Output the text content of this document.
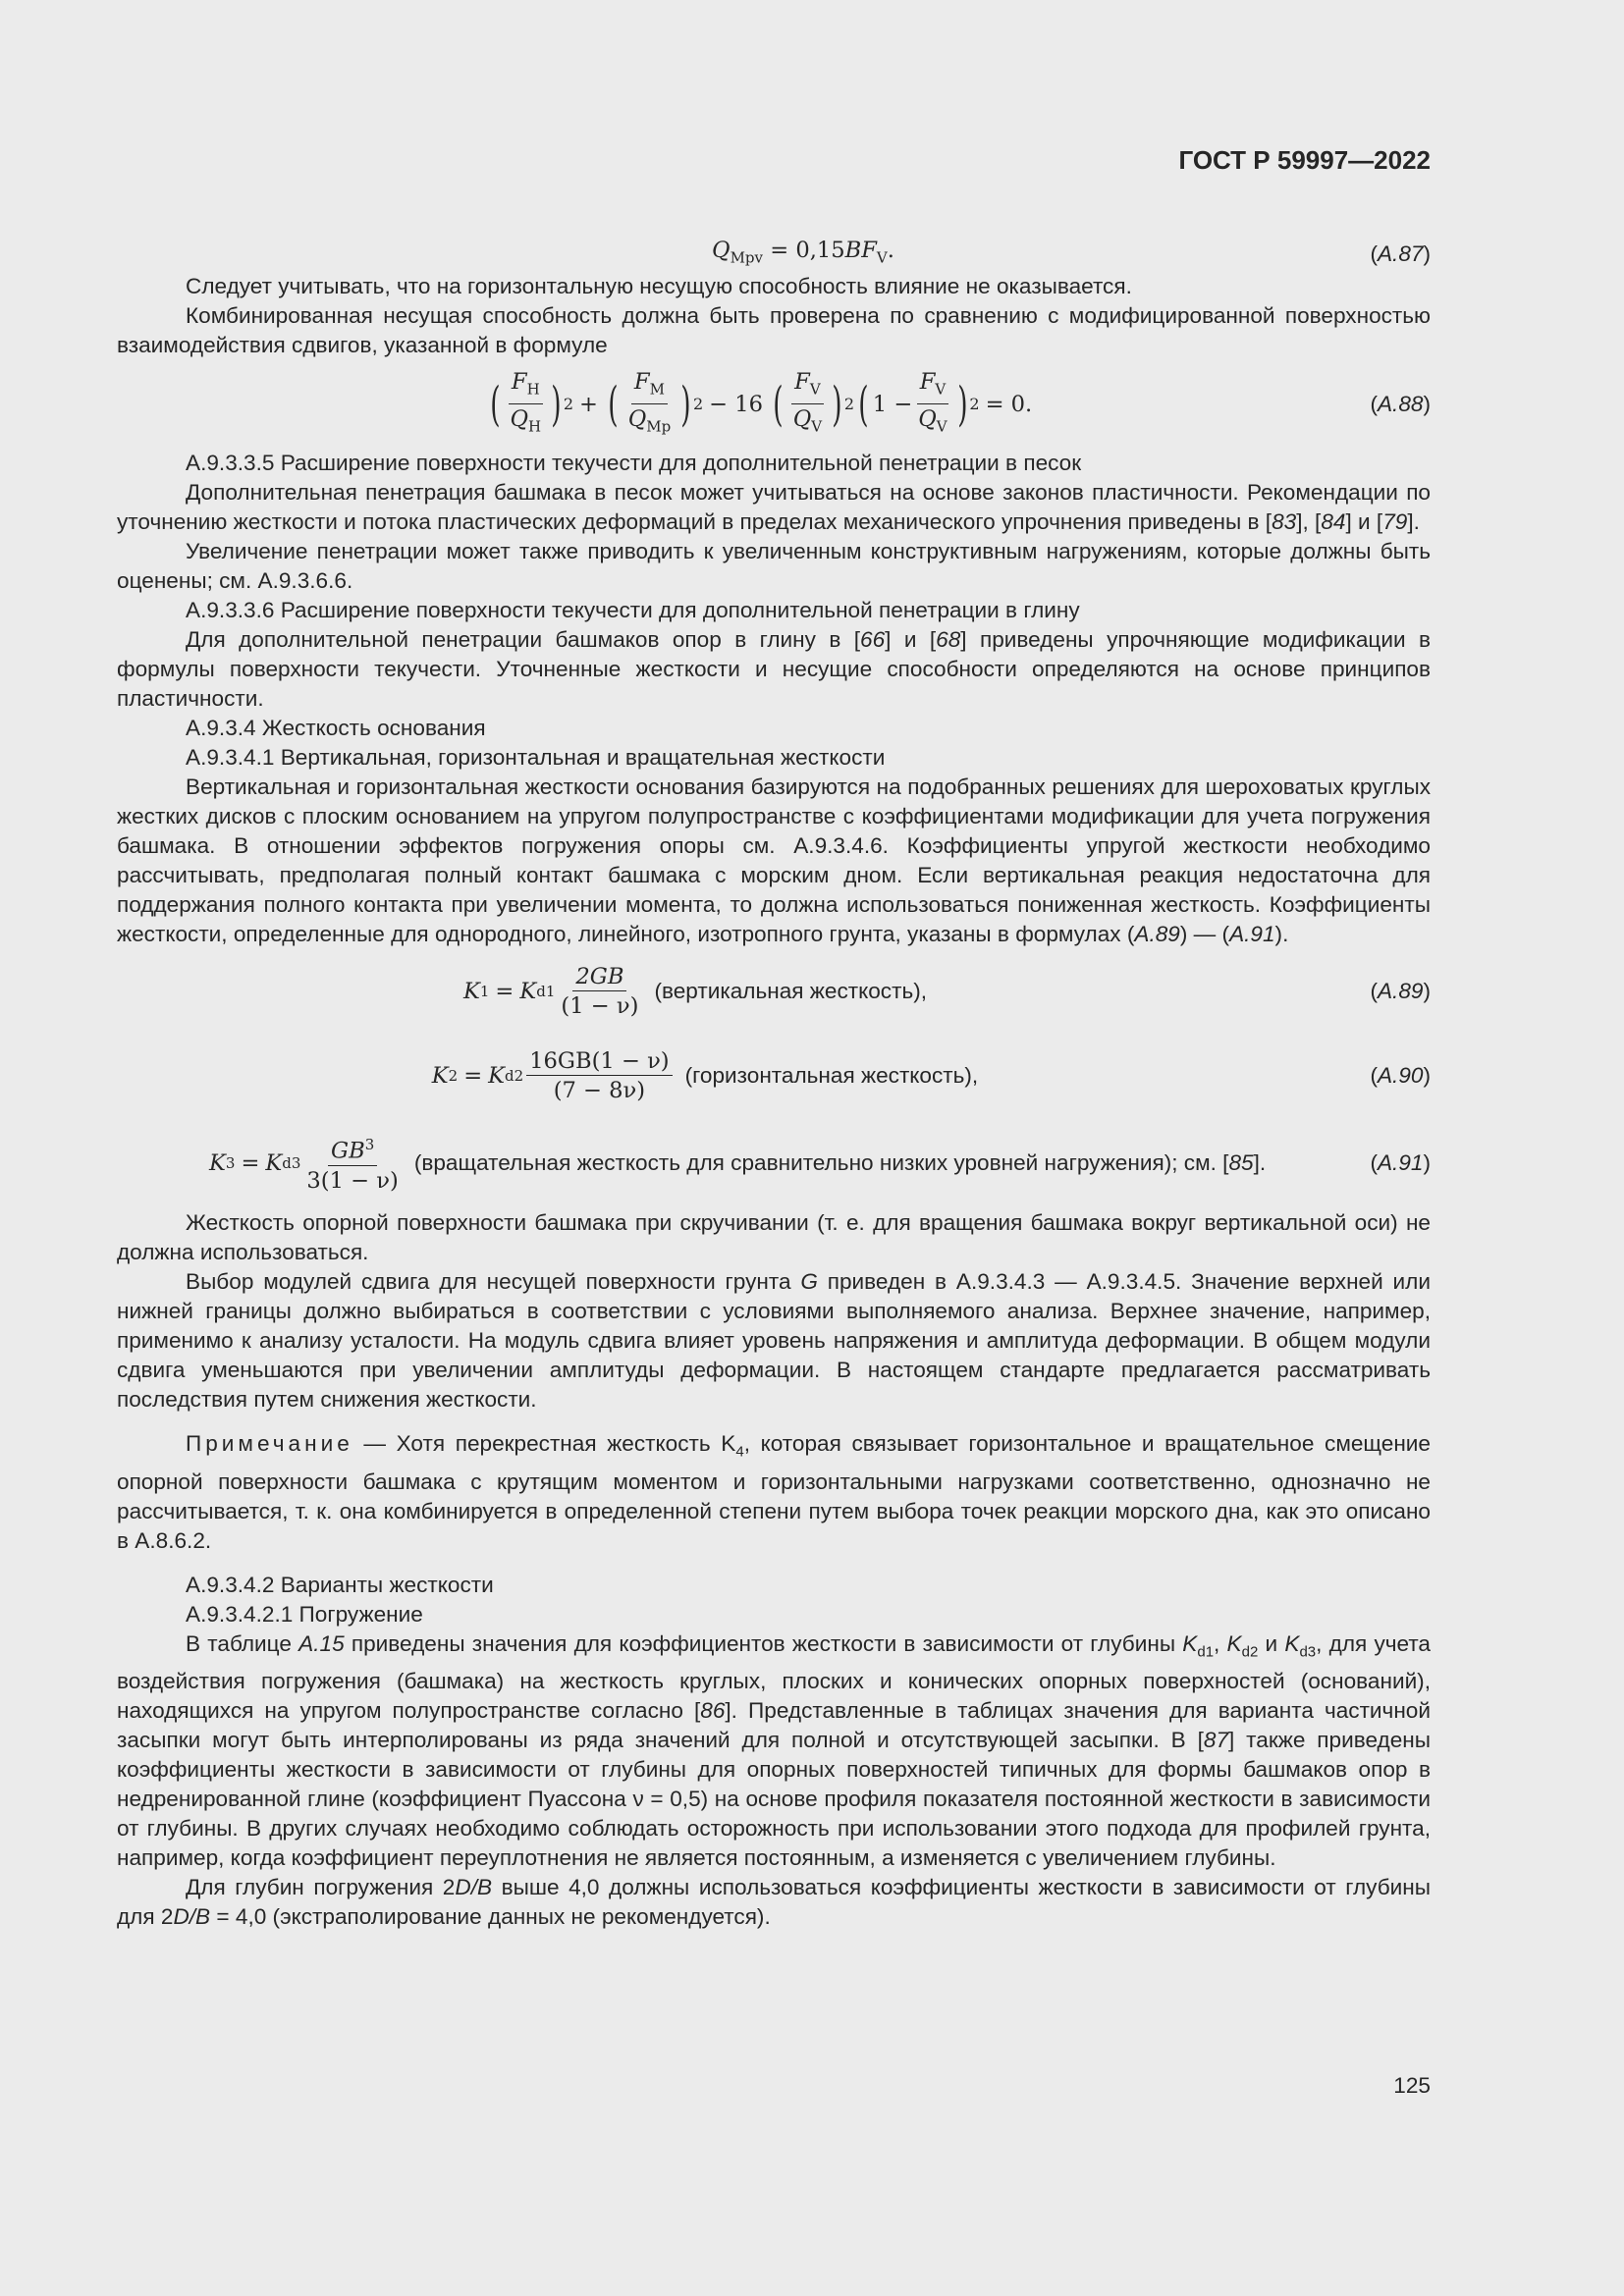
ГОСТ Р 59997—2022
$Q_{Mpv} = 0,15BF_V$.	(A.87)

Следует учитывать, что на горизонтальную несущую способность влияние не оказывается.

Комбинированная несущая способность должна быть проверена по сравнению с модифицированной поверхностью взаимодействия сдвигов, указанной в формуле

( $\frac{F_H}{Q_H}$ ) 2 + ( $\frac{F_M}{Q_{Mp}}$ ) 2 − 16 ( $\frac{F_V}{Q_V}$ ) 2 ( $1 - \frac{F_V}{Q_V}$ ) 2 = 0.	(A.88)

А.9.3.3.5 Расширение поверхности текучести для дополнительной пенетрации в песок

Дополнительная пенетрация башмака в песок может учитываться на основе законов пластичности. Рекомендации по уточнению жесткости и потока пластических деформаций в пределах механического упрочнения приведены в [83], [84] и [79].

Увеличение пенетрации может также приводить к увеличенным конструктивным нагружениям, которые должны быть оценены; см. А.9.3.6.6.

А.9.3.3.6 Расширение поверхности текучести для дополнительной пенетрации в глину

Для дополнительной пенетрации башмаков опор в глину в [66] и [68] приведены упрочняющие модификации в формулы поверхности текучести. Уточненные жесткости и несущие способности определяются на основе принципов пластичности.

А.9.3.4 Жесткость основания

А.9.3.4.1 Вертикальная, горизонтальная и вращательная жесткости

Вертикальная и горизонтальная жесткости основания базируются на подобранных решениях для шероховатых круглых жестких дисков с плоским основанием на упругом полупространстве с коэффициентами модификации для учета погружения башмака. В отношении эффектов погружения опоры см. А.9.3.4.6. Коэффициенты упругой жесткости необходимо рассчитывать, предполагая полный контакт башмака с морским дном. Если вертикальная реакция недостаточна для поддержания полного контакта при увеличении момента, то должна использоваться пониженная жесткость. Коэффициенты жесткости, определенные для однородного, линейного, изотропного грунта, указаны в формулах (A.89) — (A.91).

K 1 = K $d1 \frac{2GB}{(1 - \nu)}$ (вертикальная жесткость),	(A.89)
K 2 = K $d2 \frac{16GB(1 - \nu)}{(7 - 8\nu)}$ (горизонтальная жесткость),	(A.90)
K 3 = K $d3 \frac{GB^3}{3(1 - \nu)}$ (вращательная жесткость для сравнительно низких уровней нагружения); см. [85].	(A.91)

Жесткость опорной поверхности башмака при скручивании (т. е. для вращения башмака вокруг вертикальной оси) не должна использоваться.

Выбор модулей сдвига для несущей поверхности грунта G приведен в А.9.3.4.3 — А.9.3.4.5. Значение верхней или нижней границы должно выбираться в соответствии с условиями выполняемого анализа. Верхнее значение, например, применимо к анализу усталости. На модуль сдвига влияет уровень напряжения и амплитуда деформации. В общем модули сдвига уменьшаются при увеличении амплитуды деформации. В настоящем стандарте предлагается рассматривать последствия путем снижения жесткости.

Примечание — Хотя перекрестная жесткость $K_4$, которая связывает горизонтальное и вращательное смещение опорной поверхности башмака с крутящим моментом и горизонтальными нагрузками соответственно, однозначно не рассчитывается, т. к. она комбинируется в определенной степени путем выбора точек реакции морского дна, как это описано в А.8.6.2.

А.9.3.4.2 Варианты жесткости

А.9.3.4.2.1 Погружение

В таблице A.15 приведены значения для коэффициентов жесткости в зависимости от глубины $K_{d1}$, $K_{d2}$ и $K_{d3}$, для учета воздействия погружения (башмака) на жесткость круглых, плоских и конических опорных поверхностей (оснований), находящихся на упругом полупространстве согласно [86]. Представленные в таблицах значения для варианта частичной засыпки могут быть интерполированы из ряда значений для полной и отсутствующей засыпки. В [87] также приведены коэффициенты жесткости в зависимости от глубины для опорных поверхностей типичных для формы башмаков опор в недренированной глине (коэффициент Пуассона ν = 0,5) на основе профиля показателя постоянной жесткости в зависимости от глубины. В других случаях необходимо соблюдать осторожность при использовании этого подхода для профилей грунта, например, когда коэффициент переуплотнения не является постоянным, а изменяется с увеличением глубины.

Для глубин погружения 2D/B выше 4,0 должны использоваться коэффициенты жесткости в зависимости от глубины для 2D/B = 4,0 (экстраполирование данных не рекомендуется).

125
